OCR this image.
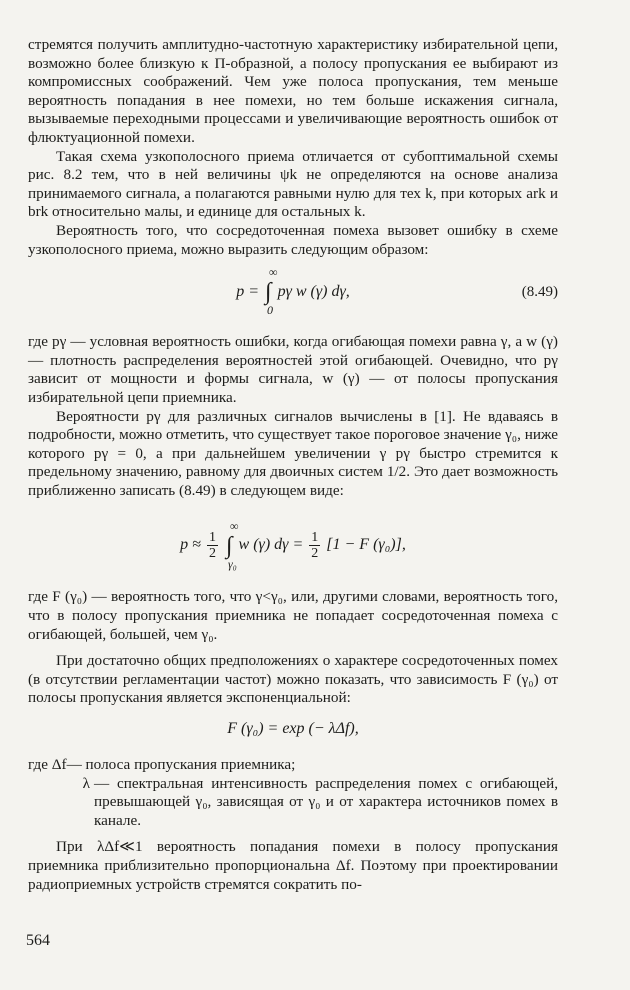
стремятся получить амплитудно-частотную характеристику избирательной цепи, возможно более близкую к П-образной, а полосу пропускания ее выбирают из компромиссных соображений. Чем уже полоса пропускания, тем меньше вероятность попадания в нее помехи, но тем больше искажения сигнала, вызываемые переходными процессами и увеличивающие вероятность ошибок от флюктуационной помехи.

Такая схема узкополосного приема отличается от субоптимальной схемы рис. 8.2 тем, что в ней величины ψk не определяются на основе анализа принимаемого сигнала, а полагаются равными нулю для тех k, при которых ark и brk относительно малы, и единице для остальных k.

Вероятность того, что сосредоточенная помеха вызовет ошибку в схеме узкополосного приема, можно выразить следующим образом:

p = ∫
∞
0
pγ w (γ) dγ,	(8.49)

где pγ — условная вероятность ошибки, когда огибающая помехи равна γ, а w (γ) — плотность распределения вероятностей этой огибающей. Очевидно, что pγ зависит от мощности и формы сигнала, w (γ) — от полосы пропускания избирательной цепи приемника.

Вероятности pγ для различных сигналов вычислены в [1]. Не вдаваясь в подробности, можно отметить, что существует такое пороговое значение γ₀, ниже которого pγ = 0, а при дальнейшем увеличении γ pγ быстро стремится к предельному значению, равному для двоичных систем 1/2. Это дает возможность приближенно записать (8.49) в следующем виде:

$p \approx \frac{1}{2}$ ∫
∞
γ₀
w (γ) $d\gamma = \frac{1}{2} [1 - F$ (γ₀)],

где F (γ₀) — вероятность того, что γ<γ₀, или, другими словами, вероятность того, что в полосу пропускания приемника не попадает сосредоточенная помеха с огибающей, большей, чем γ₀.

При достаточно общих предположениях о характере сосредоточенных помех (в отсутствии регламентации частот) можно показать, что зависимость F (γ₀) от полосы пропускания является экспоненциальной:

F (γ₀) = exp (− λΔf),
где Δf — полоса пропускания приемника;
λ — спектральная интенсивность распределения помех с огибающей, превышающей γ₀, зависящая от γ₀ и от характера источников помех в канале.

При λΔf≪1 вероятность попадания помехи в полосу пропускания приемника приблизительно пропорциональна Δf. Поэтому при проектировании радиоприемных устройств стремятся сократить по-

564
